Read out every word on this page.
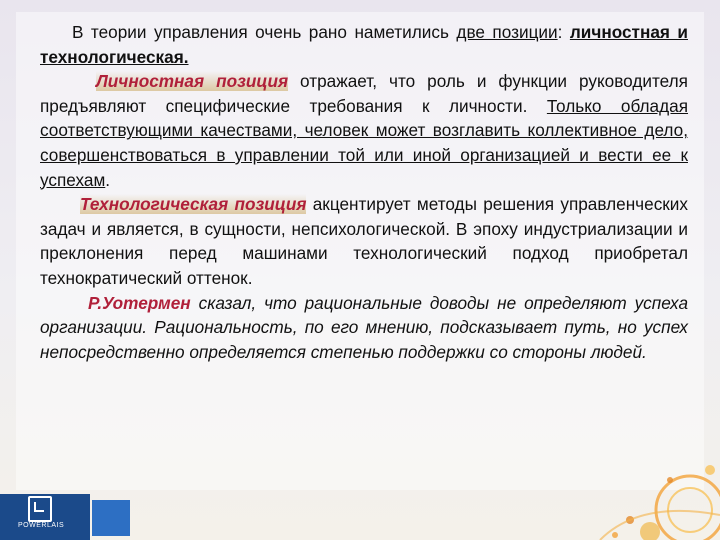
В теории управления очень рано наметились две позиции: личностная и технологическая.

Личностная позиция отражает, что роль и функции руководителя предъявляют специфические требования к личности. Только обладая соответствующими качествами, человек может возглавить коллективное дело, совершенствоваться в управлении той или иной организацией и вести ее к успехам.

Технологическая позиция акцентирует методы решения управленческих задач и является, в сущности, непсихологической. В эпоху индустриализации и преклонения перед машинами технологический подход приобретал технократический оттенок.

Р.Уотермен сказал, что рациональные доводы не определяют успеха организации. Рациональность, по его мнению, подсказывает путь, но успех непосредственно определяется степенью поддержки со стороны людей.

POWERLAIS
